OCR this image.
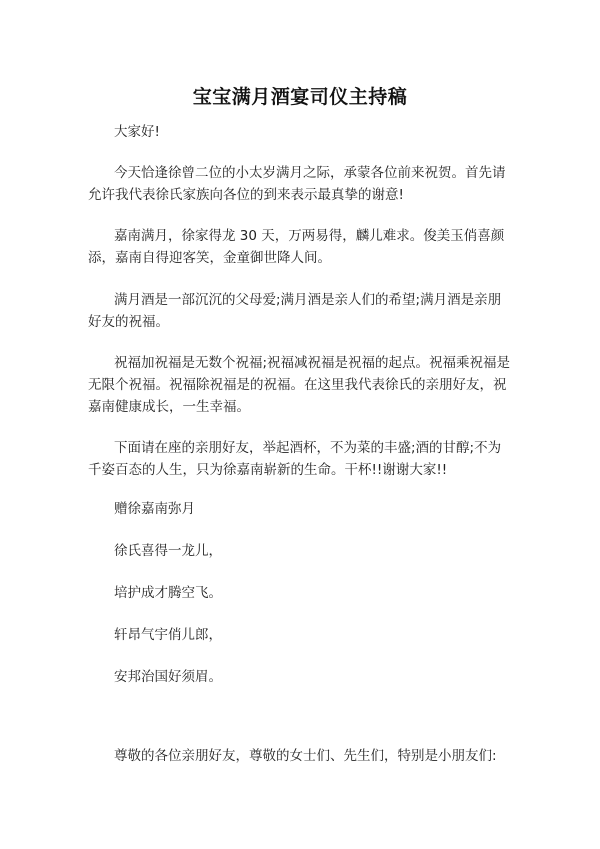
宝宝满月酒宴司仪主持稿

大家好!

今天恰逢徐曾二位的小太岁满月之际，承蒙各位前来祝贺。首先请允许我代表徐氏家族向各位的到来表示最真挚的谢意!

嘉南满月，徐家得龙 30 天，万两易得，麟儿难求。俊美玉俏喜颜添，嘉南自得迎客笑，金童御世降人间。

满月酒是一部沉沉的父母爱;满月酒是亲人们的希望;满月酒是亲朋好友的祝福。

祝福加祝福是无数个祝福;祝福减祝福是祝福的起点。祝福乘祝福是无限个祝福。祝福除祝福是的祝福。在这里我代表徐氏的亲朋好友，祝嘉南健康成长，一生幸福。

下面请在座的亲朋好友，举起酒杯，不为菜的丰盛;酒的甘醇;不为千姿百态的人生，只为徐嘉南崭新的生命。干杯!!谢谢大家!!

赠徐嘉南弥月

徐氏喜得一龙儿，

培护成才腾空飞。

轩昂气宇俏儿郎，

安邦治国好须眉。

尊敬的各位亲朋好友，尊敬的女士们、先生们，特别是小朋友们:
